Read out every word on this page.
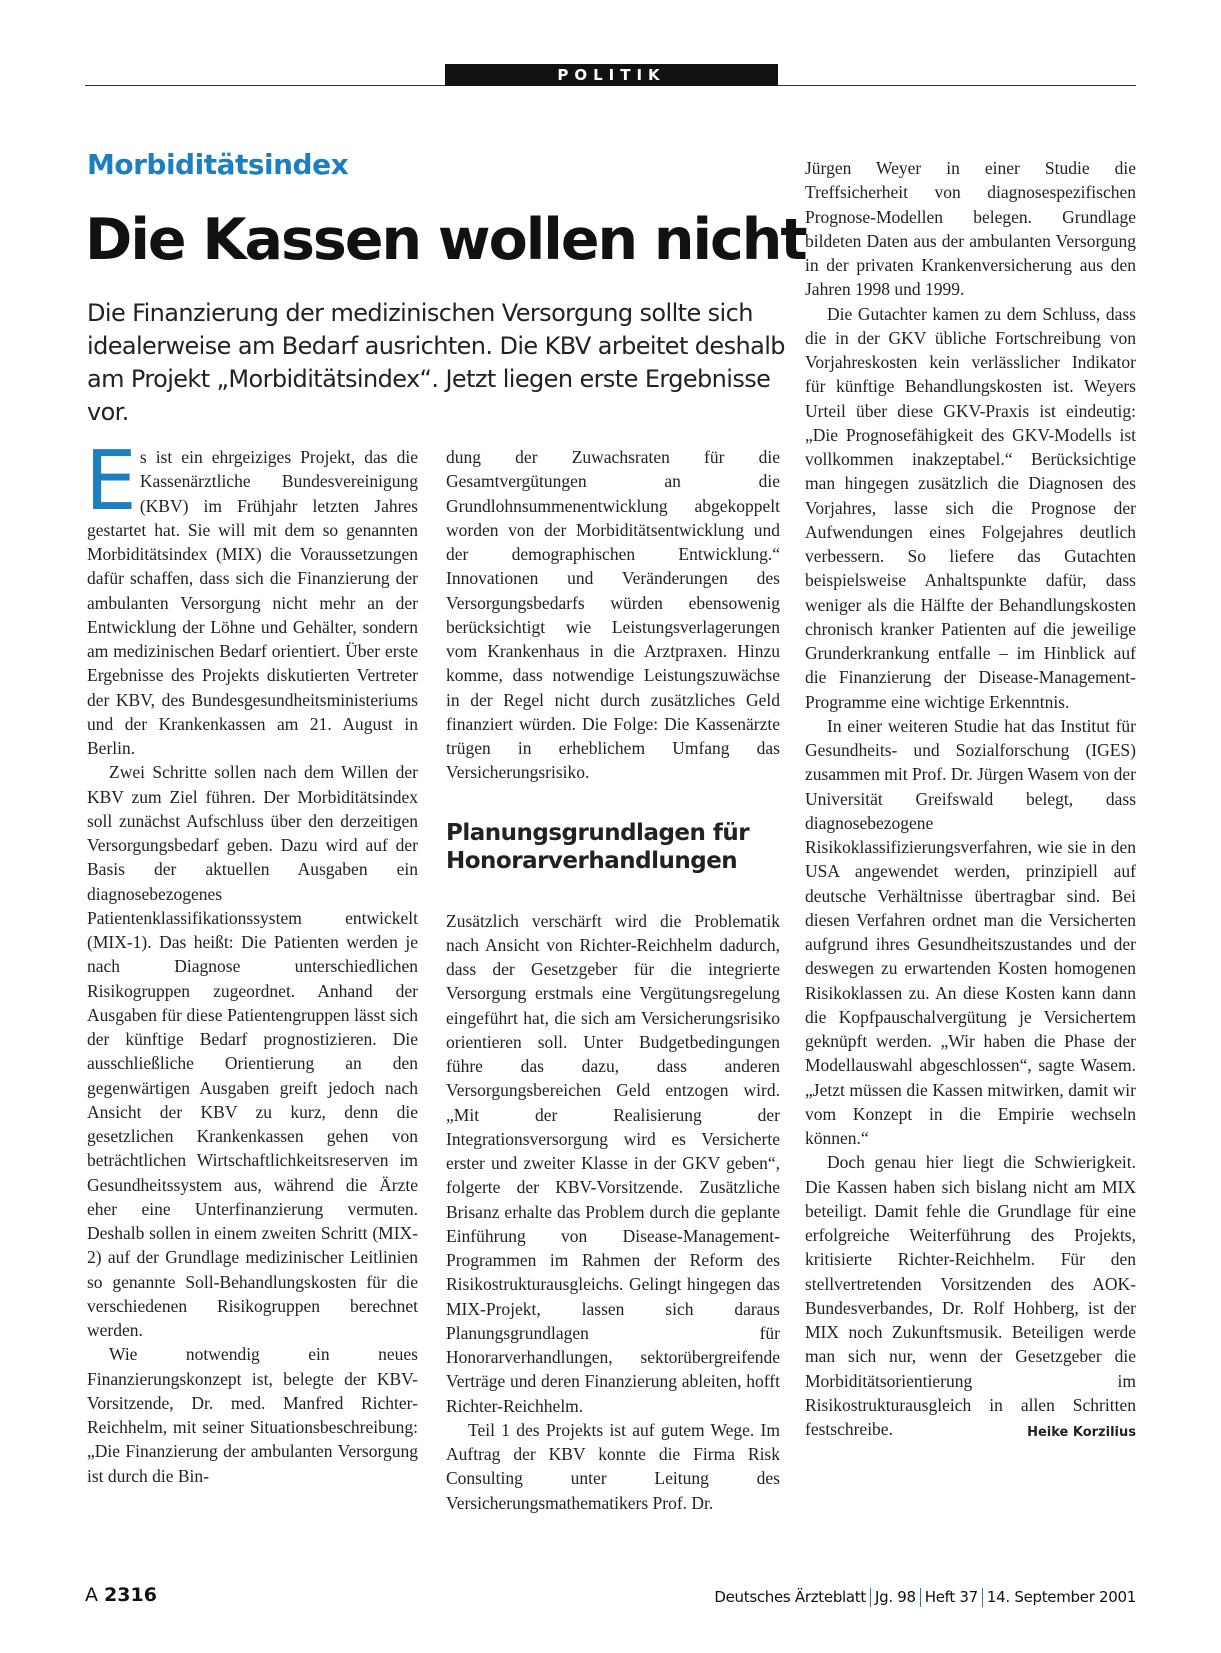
POLITIK
Morbiditätsindex
Die Kassen wollen nicht
Die Finanzierung der medizinischen Versorgung sollte sich idealerweise am Bedarf ausrichten. Die KBV arbeitet deshalb am Projekt „Morbiditätsindex“. Jetzt liegen erste Ergebnisse vor.

Es ist ein ehrgeiziges Projekt, das die Kassenärztliche Bundesvereinigung (KBV) im Frühjahr letzten Jahres gestartet hat. Sie will mit dem so genannten Morbiditätsindex (MIX) die Voraussetzungen dafür schaffen, dass sich die Finanzierung der ambulanten Versorgung nicht mehr an der Entwicklung der Löhne und Gehälter, sondern am medizinischen Bedarf orientiert. Über erste Ergebnisse des Projekts diskutierten Vertreter der KBV, des Bundesgesundheitsministeriums und der Krankenkassen am 21. August in Berlin.

Zwei Schritte sollen nach dem Willen der KBV zum Ziel führen. Der Morbiditätsindex soll zunächst Aufschluss über den derzeitigen Versorgungsbedarf geben. Dazu wird auf der Basis der aktuellen Ausgaben ein diagnosebezogenes Patientenklassifikationssystem entwickelt (MIX-1). Das heißt: Die Patienten werden je nach Diagnose unterschiedlichen Risikogruppen zugeordnet. Anhand der Ausgaben für diese Patientengruppen lässt sich der künftige Bedarf prognostizieren. Die ausschließliche Orientierung an den gegenwärtigen Ausgaben greift jedoch nach Ansicht der KBV zu kurz, denn die gesetzlichen Krankenkassen gehen von beträchtlichen Wirtschaftlichkeitsreserven im Gesundheitssystem aus, während die Ärzte eher eine Unterfinanzierung vermuten. Deshalb sollen in einem zweiten Schritt (MIX-2) auf der Grundlage medizinischer Leitlinien so genannte Soll-Behandlungskosten für die verschiedenen Risikogruppen berechnet werden.

Wie notwendig ein neues Finanzierungskonzept ist, belegte der KBV-Vorsitzende, Dr. med. Manfred Richter-Reichhelm, mit seiner Situationsbeschreibung: „Die Finanzierung der ambulanten Versorgung ist durch die Bin-

dung der Zuwachsraten für die Gesamtvergütungen an die Grundlohnsummenentwicklung abgekoppelt worden von der Morbiditätsentwicklung und der demographischen Entwicklung.“ Innovationen und Veränderungen des Versorgungsbedarfs würden ebensowenig berücksichtigt wie Leistungsverlagerungen vom Krankenhaus in die Arztpraxen. Hinzu komme, dass notwendige Leistungszuwächse in der Regel nicht durch zusätzliches Geld finanziert würden. Die Folge: Die Kassenärzte trügen in erheblichem Umfang das Versicherungsrisiko.

Planungsgrundlagen für Honorarverhandlungen

Zusätzlich verschärft wird die Problematik nach Ansicht von Richter-Reichhelm dadurch, dass der Gesetzgeber für die integrierte Versorgung erstmals eine Vergütungsregelung eingeführt hat, die sich am Versicherungsrisiko orientieren soll. Unter Budgetbedingungen führe das dazu, dass anderen Versorgungsbereichen Geld entzogen wird. „Mit der Realisierung der Integrationsversorgung wird es Versicherte erster und zweiter Klasse in der GKV geben“, folgerte der KBV-Vorsitzende. Zusätzliche Brisanz erhalte das Problem durch die geplante Einführung von Disease-Management-Programmen im Rahmen der Reform des Risikostrukturausgleichs. Gelingt hingegen das MIX-Projekt, lassen sich daraus Planungsgrundlagen für Honorarverhandlungen, sektorübergreifende Verträge und deren Finanzierung ableiten, hofft Richter-Reichhelm.

Teil 1 des Projekts ist auf gutem Wege. Im Auftrag der KBV konnte die Firma Risk Consulting unter Leitung des Versicherungsmathematikers Prof. Dr.

Jürgen Weyer in einer Studie die Treffsicherheit von diagnosespezifischen Prognose-Modellen belegen. Grundlage bildeten Daten aus der ambulanten Versorgung in der privaten Krankenversicherung aus den Jahren 1998 und 1999.

Die Gutachter kamen zu dem Schluss, dass die in der GKV übliche Fortschreibung von Vorjahreskosten kein verlässlicher Indikator für künftige Behandlungskosten ist. Weyers Urteil über diese GKV-Praxis ist eindeutig: „Die Prognosefähigkeit des GKV-Modells ist vollkommen inakzeptabel.“ Berücksichtige man hingegen zusätzlich die Diagnosen des Vorjahres, lasse sich die Prognose der Aufwendungen eines Folgejahres deutlich verbessern. So liefere das Gutachten beispielsweise Anhaltspunkte dafür, dass weniger als die Hälfte der Behandlungskosten chronisch kranker Patienten auf die jeweilige Grunderkrankung entfalle – im Hinblick auf die Finanzierung der Disease-Management-Programme eine wichtige Erkenntnis.

In einer weiteren Studie hat das Institut für Gesundheits- und Sozialforschung (IGES) zusammen mit Prof. Dr. Jürgen Wasem von der Universität Greifswald belegt, dass diagnosebezogene Risikoklassifizierungsverfahren, wie sie in den USA angewendet werden, prinzipiell auf deutsche Verhältnisse übertragbar sind. Bei diesen Verfahren ordnet man die Versicherten aufgrund ihres Gesundheitszustandes und der deswegen zu erwartenden Kosten homogenen Risikoklassen zu. An diese Kosten kann dann die Kopfpauschalvergütung je Versichertem geknüpft werden. „Wir haben die Phase der Modellauswahl abgeschlossen“, sagte Wasem. „Jetzt müssen die Kassen mitwirken, damit wir vom Konzept in die Empirie wechseln können.“

Doch genau hier liegt die Schwierigkeit. Die Kassen haben sich bislang nicht am MIX beteiligt. Damit fehle die Grundlage für eine erfolgreiche Weiterführung des Projekts, kritisierte Richter-Reichhelm. Für den stellvertretenden Vorsitzenden des AOK-Bundesverbandes, Dr. Rolf Hohberg, ist der MIX noch Zukunftsmusik. Beteiligen werde man sich nur, wenn der Gesetzgeber die Morbiditätsorientierung im Risikostrukturausgleich in allen Schritten festschreibe.	Heike Korzilius

A 2316	Deutsches Ärzteblatt Jg. 98 Heft 37 14. September 2001
